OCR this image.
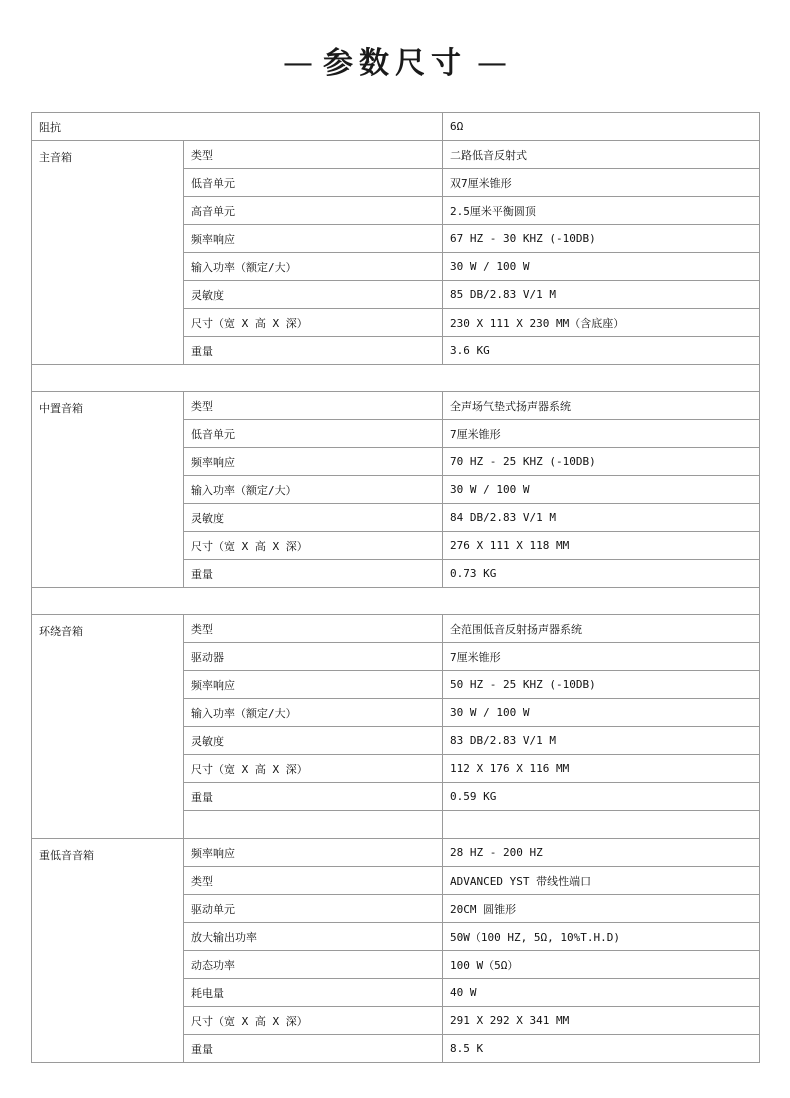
— 参数尺寸 —
阻抗		6Ω
主音箱	类型	二路低音反射式
	低音单元	双7厘米锥形
	高音单元	2.5厘米平衡圆顶
	频率响应	67 HZ - 30 KHZ (-10DB)
	输入功率（额定/大）	30 W / 100 W
	灵敏度	85 DB/2.83 V/1 M
	尺寸（宽 X 高 X 深）	230 X 111 X 230 MM（含底座）
	重量	3.6 KG

中置音箱	类型	全声场气垫式扬声器系统
	低音单元	7厘米锥形
	频率响应	70 HZ - 25 KHZ (-10DB)
	输入功率（额定/大）	30 W / 100 W
	灵敏度	84 DB/2.83 V/1 M
	尺寸（宽 X 高 X 深）	276 X 111 X 118 MM
	重量	0.73 KG

环绕音箱	类型	全范围低音反射扬声器系统
	驱动器	7厘米锥形
	频率响应	50 HZ - 25 KHZ (-10DB)
	输入功率（额定/大）	30 W / 100 W
	灵敏度	83 DB/2.83 V/1 M
	尺寸（宽 X 高 X 深）	112 X 176 X 116 MM
	重量	0.59 KG

重低音音箱	频率响应	28 HZ - 200 HZ
	类型	ADVANCED YST 带线性端口
	驱动单元	20CM 圆锥形
	放大输出功率	50W（100 HZ, 5Ω, 10%T.H.D)
	动态功率	100 W（5Ω）
	耗电量	40 W
	尺寸（宽 X 高 X 深）	291 X 292 X 341 MM
	重量	8.5 K
